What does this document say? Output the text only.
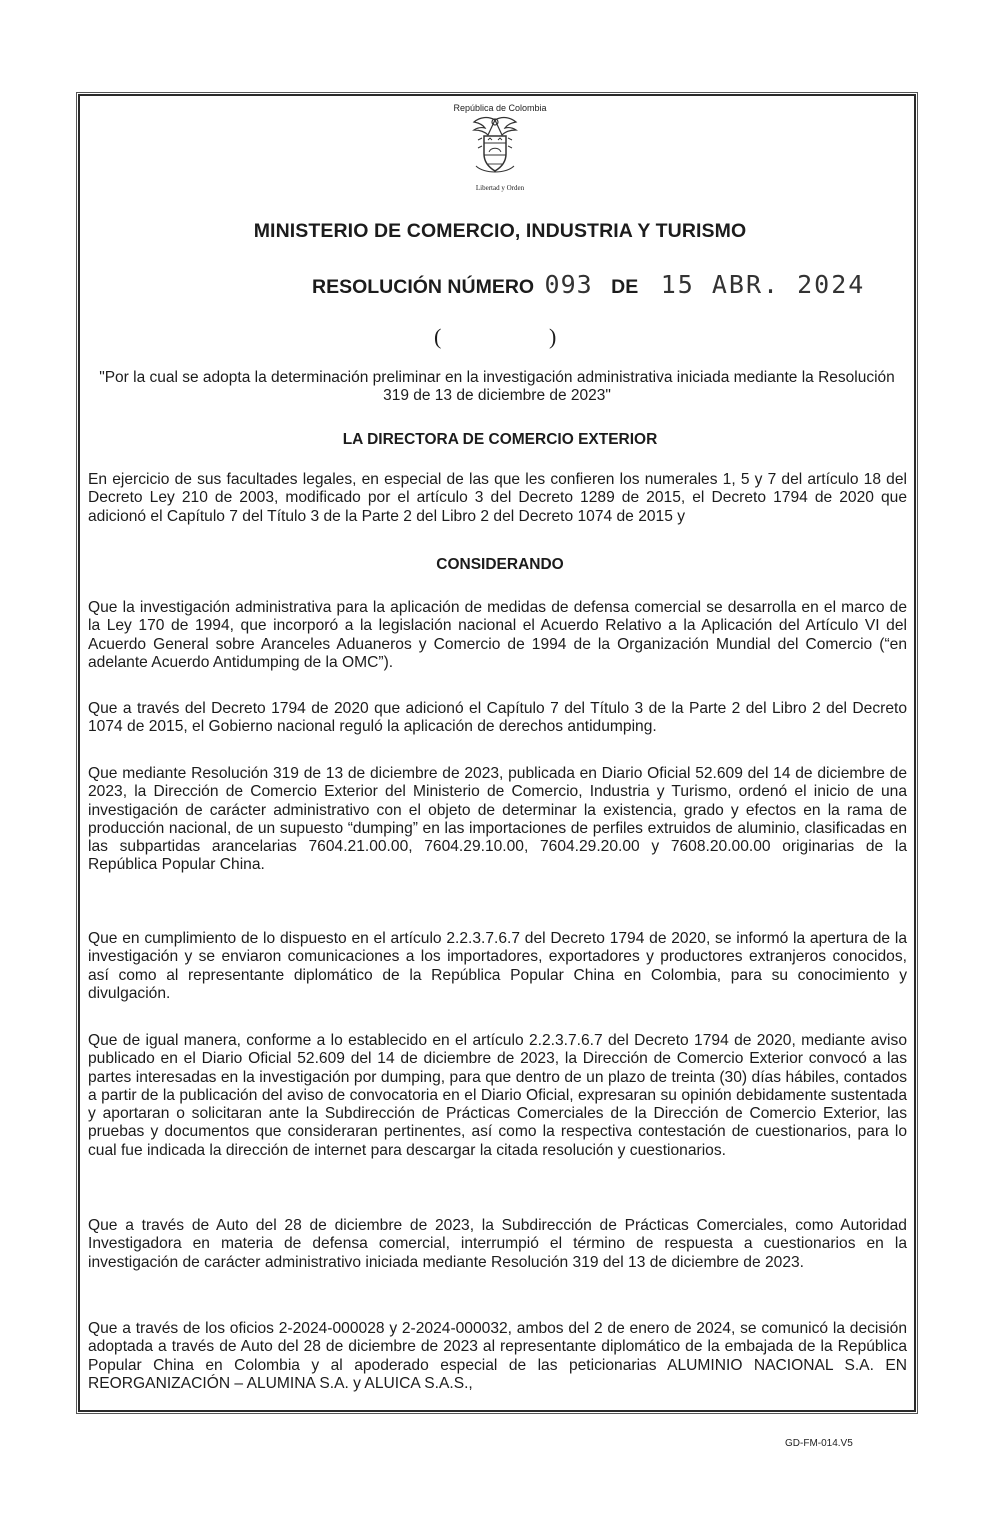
República de Colombia
Libertad y Orden
MINISTERIO DE COMERCIO, INDUSTRIA Y TURISMO
RESOLUCIÓN NÚMERO 093 DE 15 ABR. 2024
(	)
"Por la cual se adopta la determinación preliminar en la investigación administrativa iniciada mediante la Resolución 319 de 13 de diciembre de 2023"
LA DIRECTORA DE COMERCIO EXTERIOR

En ejercicio de sus facultades legales, en especial de las que les confieren los numerales 1, 5 y 7 del artículo 18 del Decreto Ley 210 de 2003, modificado por el artículo 3 del Decreto 1289 de 2015, el Decreto 1794 de 2020 que adicionó el Capítulo 7 del Título 3 de la Parte 2 del Libro 2 del Decreto 1074 de 2015 y

CONSIDERANDO

Que la investigación administrativa para la aplicación de medidas de defensa comercial se desarrolla en el marco de la Ley 170 de 1994, que incorporó a la legislación nacional el Acuerdo Relativo a la Aplicación del Artículo VI del Acuerdo General sobre Aranceles Aduaneros y Comercio de 1994 de la Organización Mundial del Comercio (“en adelante Acuerdo Antidumping de la OMC”).

Que a través del Decreto 1794 de 2020 que adicionó el Capítulo 7 del Título 3 de la Parte 2 del Libro 2 del Decreto 1074 de 2015, el Gobierno nacional reguló la aplicación de derechos antidumping.

Que mediante Resolución 319 de 13 de diciembre de 2023, publicada en Diario Oficial 52.609 del 14 de diciembre de 2023, la Dirección de Comercio Exterior del Ministerio de Comercio, Industria y Turismo, ordenó el inicio de una investigación de carácter administrativo con el objeto de determinar la existencia, grado y efectos en la rama de producción nacional, de un supuesto “dumping” en las importaciones de perfiles extruidos de aluminio, clasificadas en las subpartidas arancelarias 7604.21.00.00, 7604.29.10.00, 7604.29.20.00 y 7608.20.00.00 originarias de la República Popular China.

Que en cumplimiento de lo dispuesto en el artículo 2.2.3.7.6.7 del Decreto 1794 de 2020, se informó la apertura de la investigación y se enviaron comunicaciones a los importadores, exportadores y productores extranjeros conocidos, así como al representante diplomático de la República Popular China en Colombia, para su conocimiento y divulgación.

Que de igual manera, conforme a lo establecido en el artículo 2.2.3.7.6.7 del Decreto 1794 de 2020, mediante aviso publicado en el Diario Oficial 52.609 del 14 de diciembre de 2023, la Dirección de Comercio Exterior convocó a las partes interesadas en la investigación por dumping, para que dentro de un plazo de treinta (30) días hábiles, contados a partir de la publicación del aviso de convocatoria en el Diario Oficial, expresaran su opinión debidamente sustentada y aportaran o solicitaran ante la Subdirección de Prácticas Comerciales de la Dirección de Comercio Exterior, las pruebas y documentos que consideraran pertinentes, así como la respectiva contestación de cuestionarios, para lo cual fue indicada la dirección de internet para descargar la citada resolución y cuestionarios.

Que a través de Auto del 28 de diciembre de 2023, la Subdirección de Prácticas Comerciales, como Autoridad Investigadora en materia de defensa comercial, interrumpió el término de respuesta a cuestionarios en la investigación de carácter administrativo iniciada mediante Resolución 319 del 13 de diciembre de 2023.

Que a través de los oficios 2-2024-000028 y 2-2024-000032, ambos del 2 de enero de 2024, se comunicó la decisión adoptada a través de Auto del 28 de diciembre de 2023 al representante diplomático de la embajada de la República Popular China en Colombia y al apoderado especial de las peticionarias ALUMINIO NACIONAL S.A. EN REORGANIZACIÓN – ALUMINA S.A. y ALUICA S.A.S.,

GD-FM-014.V5
